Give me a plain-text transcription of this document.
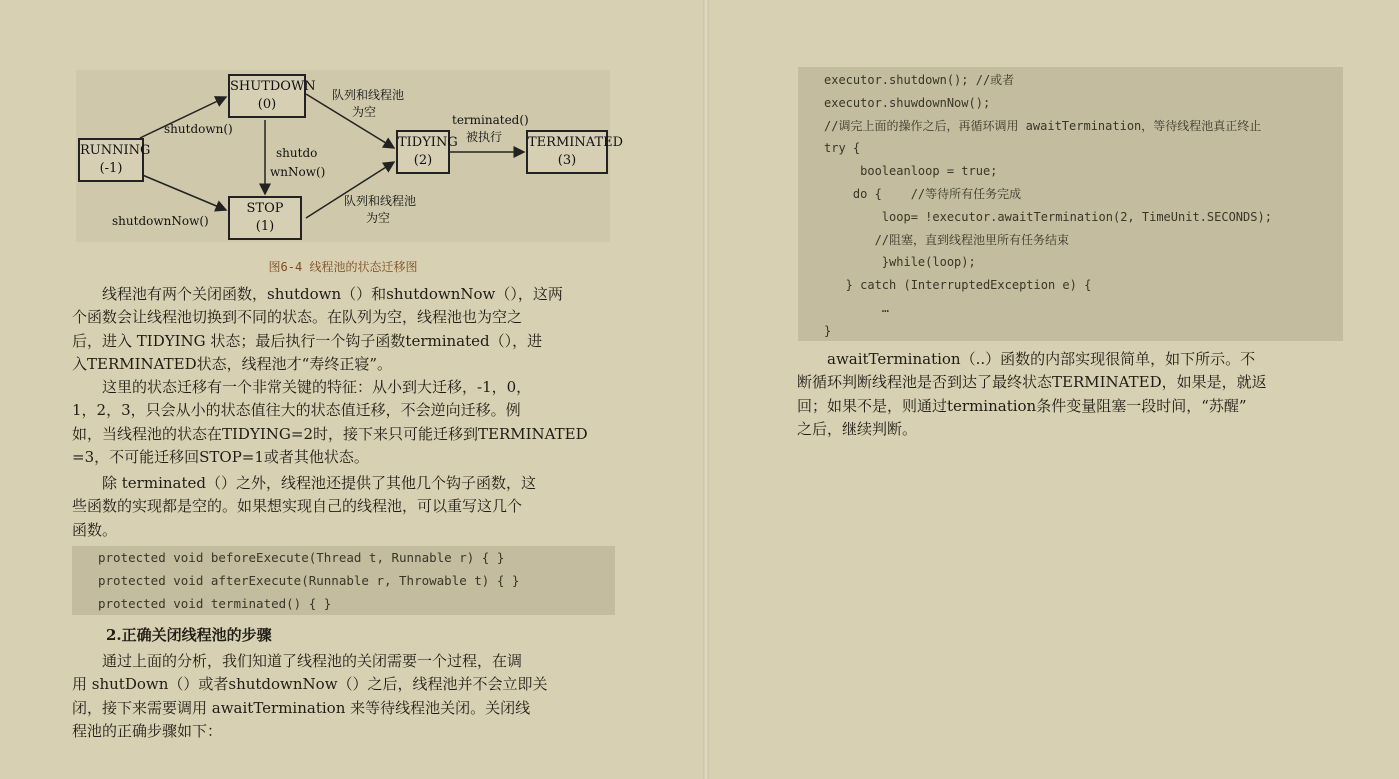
RUNNING
(-1)
SHUTDOWN
(0)
STOP
(1)
TIDYING
(2)
TERMINATED
(3)
shutdown()
shutdownNow()
shutdo
wnNow()
队列和线程池
为空
队列和线程池
为空
terminated()
被执行
图6-4 线程池的状态迁移图
线程池有两个关闭函数，shutdown（）和shutdownNow（），这两
个函数会让线程池切换到不同的状态。在队列为空，线程池也为空之
后，进入 TIDYING 状态；最后执行一个钩子函数terminated（），进
入TERMINATED状态，线程池才“寿终正寝”。
这里的状态迁移有一个非常关键的特征：从小到大迁移，-1，0，
1，2，3，只会从小的状态值往大的状态值迁移，不会逆向迁移。例
如，当线程池的状态在TIDYING=2时，接下来只可能迁移到TERMINATED
=3，不可能迁移回STOP=1或者其他状态。
除 terminated（）之外，线程池还提供了其他几个钩子函数，这
些函数的实现都是空的。如果想实现自己的线程池，可以重写这几个
函数。
protected void beforeExecute(Thread t, Runnable r) { }
protected void afterExecute(Runnable r, Throwable t) { }
protected void terminated() { }
2.正确关闭线程池的步骤
通过上面的分析，我们知道了线程池的关闭需要一个过程，在调
用 shutDown（）或者shutdownNow（）之后，线程池并不会立即关
闭，接下来需要调用 awaitTermination 来等待线程池关闭。关闭线
程池的正确步骤如下：
executor.shutdown(); //或者
executor.shuwdownNow();
//调完上面的操作之后，再循环调用 awaitTermination，等待线程池真正终止
try {
booleanloop = true;
do {    //等待所有任务完成
loop= !executor.awaitTermination(2, TimeUnit.SECONDS);
//阻塞，直到线程池里所有任务结束
}while(loop);
} catch (InterruptedException e) {
…
}
awaitTermination（..）函数的内部实现很简单，如下所示。不
断循环判断线程池是否到达了最终状态TERMINATED，如果是，就返
回；如果不是，则通过termination条件变量阻塞一段时间，“苏醒”
之后，继续判断。
